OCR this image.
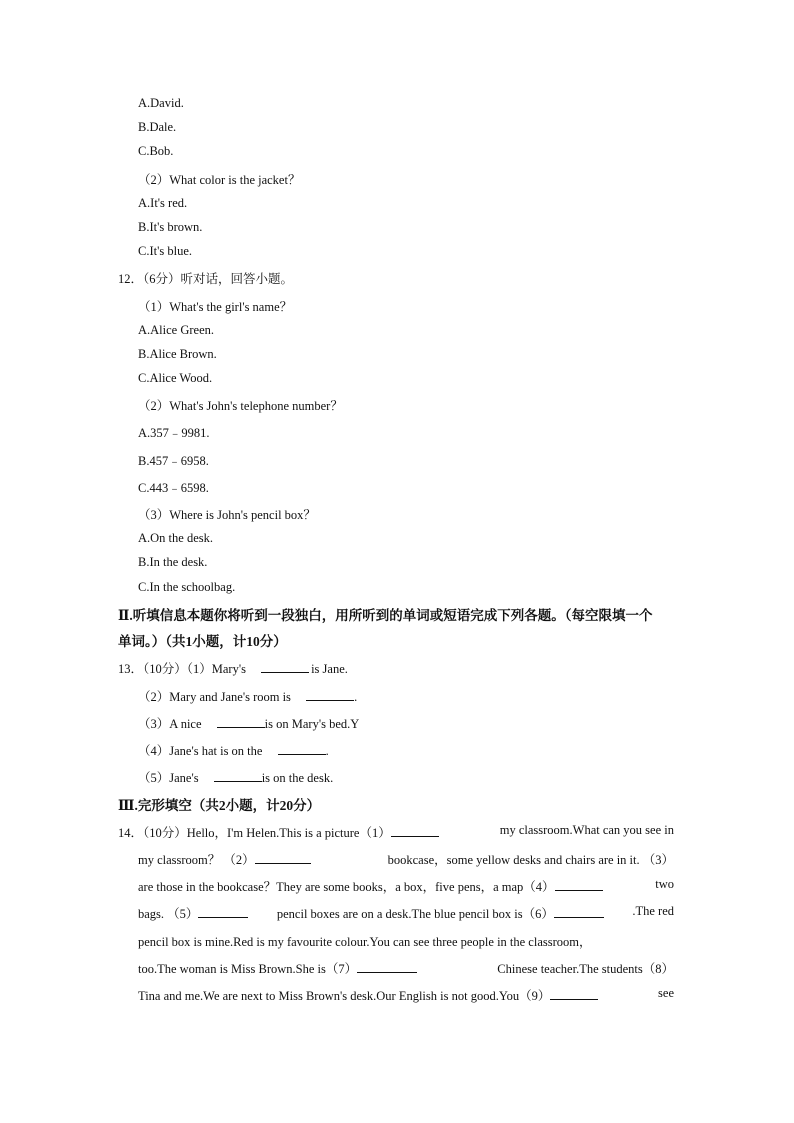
A.David.
B.Dale.
C.Bob.
（2）What color is the jacket？
A.It's red.
B.It's brown.
C.It's blue.
12．（6分）听对话，回答小题。
（1）What's the girl's name？
A.Alice Green.
B.Alice Brown.
C.Alice Wood.
（2）What's John's telephone number？
A.357﹣9981.
B.457﹣6958.
C.443﹣6598.
（3）Where is John's pencil box？
A.On the desk.
B.In the desk.
C.In the schoolbag.
Ⅱ.听填信息本题你将听到一段独白，用所听到的单词或短语完成下列各题。（每空限填一个
单词。）（共1小题，计10分）
13．（10分）（1）Mary's	is Jane.
（2）Mary and Jane's room is	.
（3）A nice	is on Mary's bed.Y
（4）Jane's hat is on the	.
（5）Jane's	is on the desk.
Ⅲ.完形填空（共2小题，计20分）
14．（10分）Hello，I'm Helen.This is a picture（1）	my classroom.What can you see in
my classroom？ （2）	bookcase，some yellow desks and chairs are in it. （3）
are those in the bookcase？They are some books，a box，five pens，a map（4）	two
bags. （5）	pencil boxes are on a desk.The blue pencil box is（6）	.The red
pencil box is mine.Red is my favourite colour.You can see three people in the classroom，
too.The woman is Miss Brown.She is（7）	Chinese teacher.The students（8）
Tina and me.We are next to Miss Brown's desk.Our English is not good.You（9）	see
